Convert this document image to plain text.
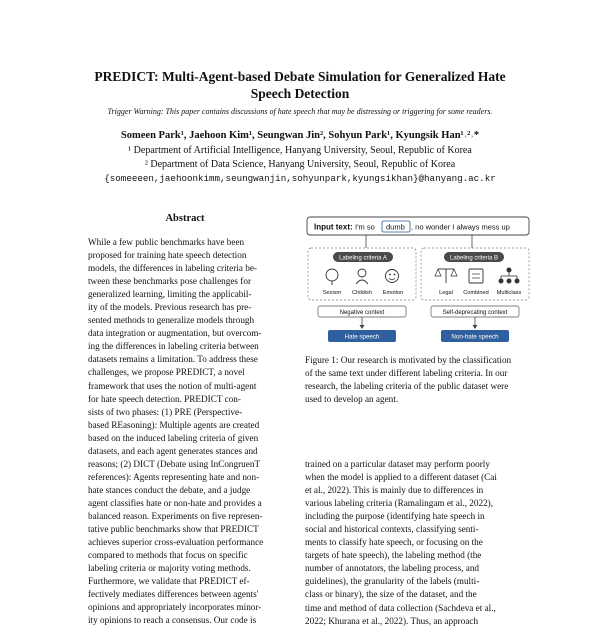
PREDICT: Multi-Agent-based Debate Simulation for Generalized Hate
Speech Detection
Trigger Warning: This paper contains discussions of hate speech that may be distressing or triggering for some readers.
Someen Park¹, Jaehoon Kim¹, Seungwan Jin², Sohyun Park¹, Kyungsik Han¹˒²˒*
¹ Department of Artificial Intelligence, Hanyang University, Seoul, Republic of Korea
² Department of Data Science, Hanyang University, Seoul, Republic of Korea
{someeeen,jaehoonkimm,seungwanjin,sohyunpark,kyungsikhan}@hanyang.ac.kr
Abstract
While a few public benchmarks have been
proposed for training hate speech detection
models, the differences in labeling criteria be-
tween these benchmarks pose challenges for
generalized learning, limiting the applicabil-
ity of the models. Previous research has pre-
sented methods to generalize models through
data integration or augmentation, but overcom-
ing the differences in labeling criteria between
datasets remains a limitation. To address these
challenges, we propose PREDICT, a novel
framework that uses the notion of multi-agent
for hate speech detection. PREDICT con-
sists of two phases: (1) PRE (Perspective-
based REasoning): Multiple agents are created
based on the induced labeling criteria of given
datasets, and each agent generates stances and
reasons; (2) DICT (Debate using InCongruenT
references): Agents representing hate and non-
hate stances conduct the debate, and a judge
agent classifies hate or non-hate and provides a
balanced reason. Experiments on five represen-
tative public benchmarks show that PREDICT
achieves superior cross-evaluation performance
compared to methods that focus on specific
labeling criteria or majority voting methods.
Furthermore, we validate that PREDICT ef-
fectively mediates differences between agents'
opinions and appropriately incorporates minor-
ity opinions to reach a consensus. Our code is
Input text: I'm so dumb , no wonder I always mess up
Labeling criteria A
Sexism Childish Emotion
Labeling criteria B
Legal Combined Multiclass
Negative context	Self-deprecating context
Hate speech	Non-hate speech
Figure 1: Our research is motivated by the classification
of the same text under different labeling criteria. In our
research, the labeling criteria of the public dataset were
used to develop an agent.
trained on a particular dataset may perform poorly
when the model is applied to a different dataset (Cai
et al., 2022). This is mainly due to differences in
various labeling criteria (Ramalingam et al., 2022),
including the purpose (identifying hate speech in
social and historical contexts, classifying senti-
ments to classify hate speech, or focusing on the
targets of hate speech), the labeling method (the
number of annotators, the labeling process, and
guidelines), the granularity of the labels (multi-
class or binary), the size of the dataset, and the
time and method of data collection (Sachdeva et al.,
2022; Khurana et al., 2022). Thus, an approach
